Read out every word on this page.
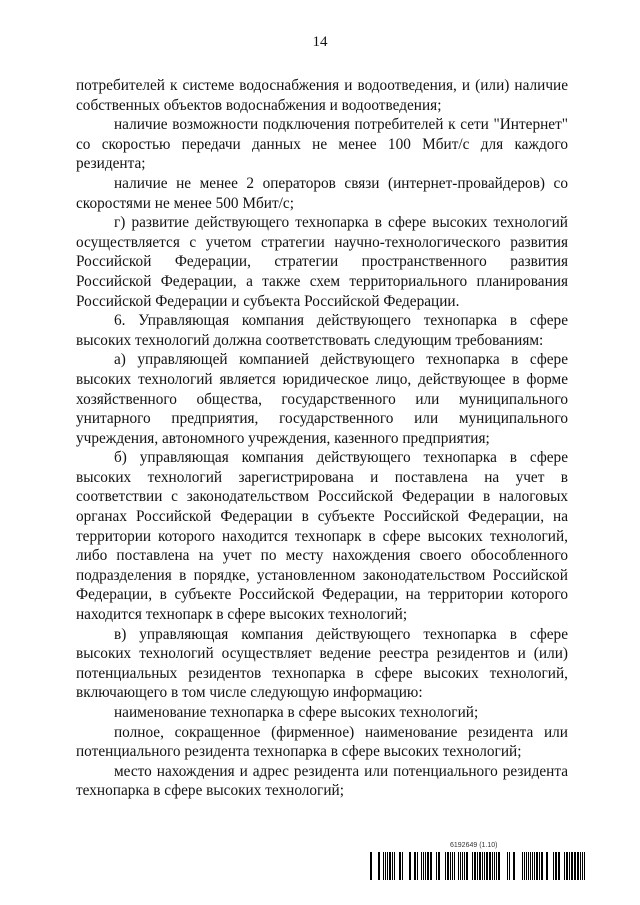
14

потребителей к системе водоснабжения и водоотведения, и (или) наличие собственных объектов водоснабжения и водоотведения;

наличие возможности подключения потребителей к сети "Интернет" со скоростью передачи данных не менее 100 Мбит/с для каждого резидента;

наличие не менее 2 операторов связи (интернет-провайдеров) со скоростями не менее 500 Мбит/с;

г) развитие действующего технопарка в сфере высоких технологий осуществляется с учетом стратегии научно-технологического развития Российской Федерации, стратегии пространственного развития Российской Федерации, а также схем территориального планирования Российской Федерации и субъекта Российской Федерации.

6. Управляющая компания действующего технопарка в сфере высоких технологий должна соответствовать следующим требованиям:

а) управляющей компанией действующего технопарка в сфере высоких технологий является юридическое лицо, действующее в форме хозяйственного общества, государственного или муниципального унитарного предприятия, государственного или муниципального учреждения, автономного учреждения, казенного предприятия;

б) управляющая компания действующего технопарка в сфере высоких технологий зарегистрирована и поставлена на учет в соответствии с законодательством Российской Федерации в налоговых органах Российской Федерации в субъекте Российской Федерации, на территории которого находится технопарк в сфере высоких технологий, либо поставлена на учет по месту нахождения своего обособленного подразделения в порядке, установленном законодательством Российской Федерации, в субъекте Российской Федерации, на территории которого находится технопарк в сфере высоких технологий;

в) управляющая компания действующего технопарка в сфере высоких технологий осуществляет ведение реестра резидентов и (или) потенциальных резидентов технопарка в сфере высоких технологий, включающего в том числе следующую информацию:

наименование технопарка в сфере высоких технологий;

полное, сокращенное (фирменное) наименование резидента или потенциального резидента технопарка в сфере высоких технологий;

место нахождения и адрес резидента или потенциального резидента технопарка в сфере высоких технологий;

6192649 (1.10)
